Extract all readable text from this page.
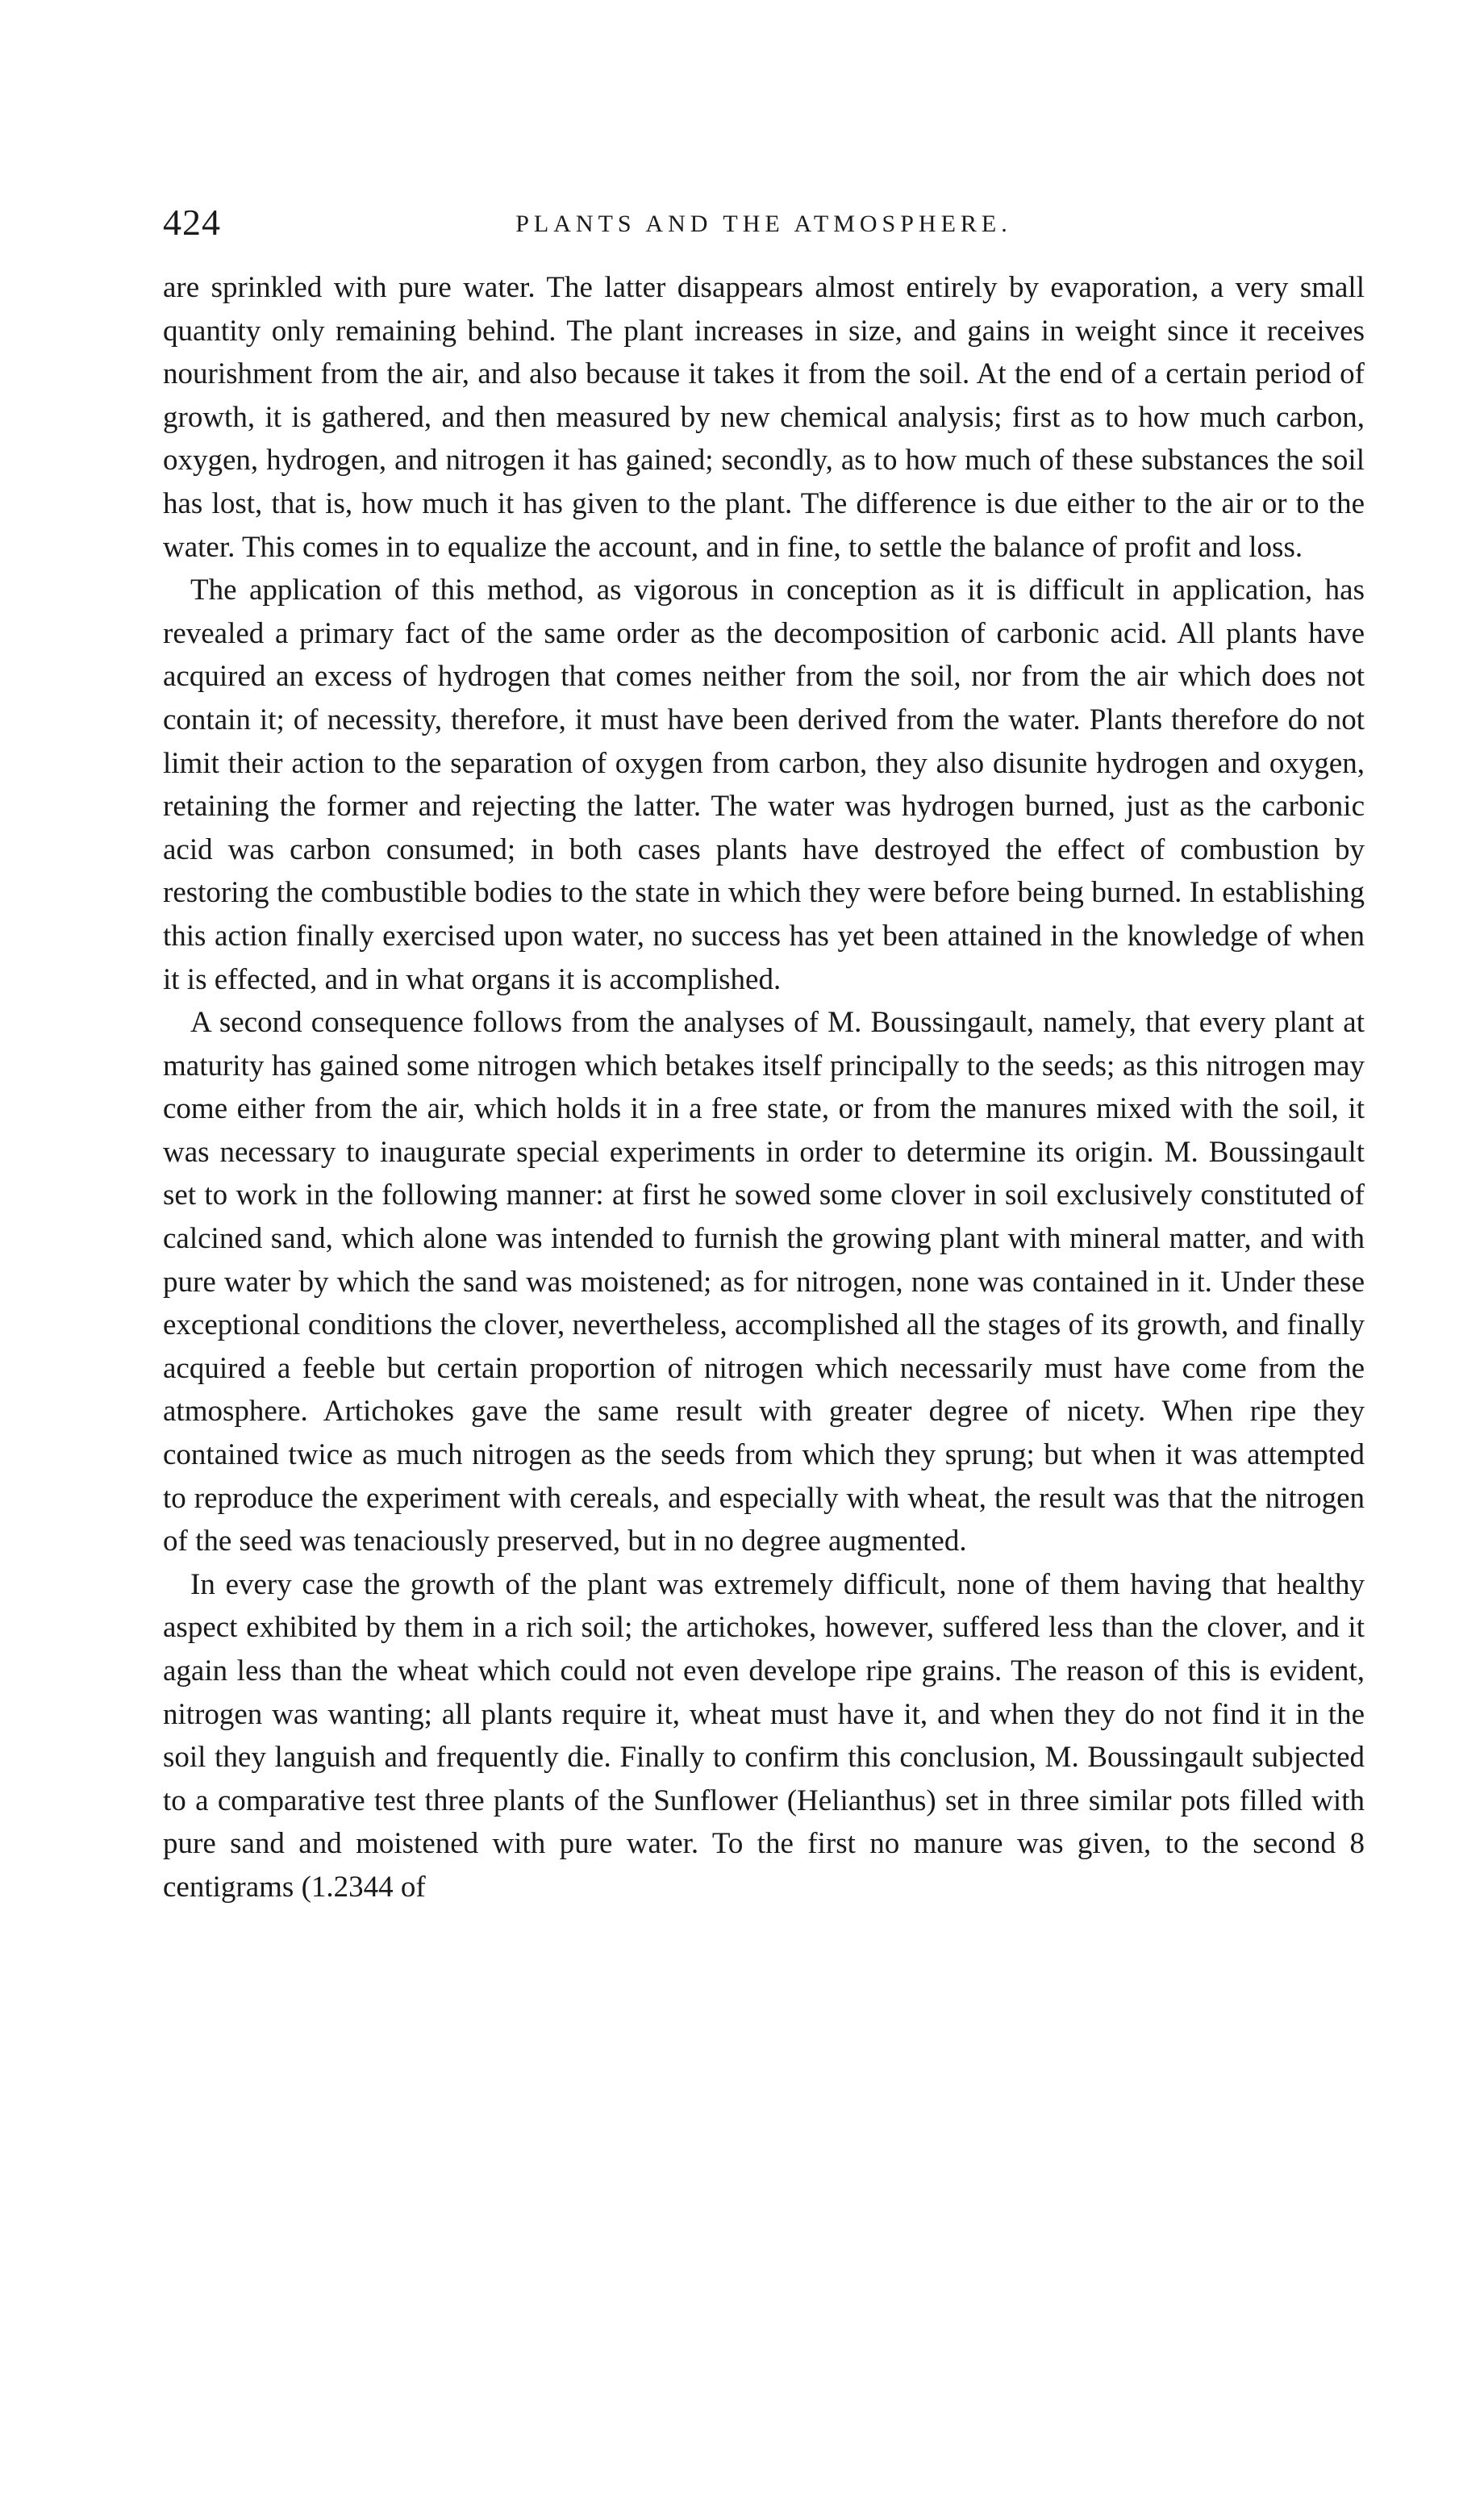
424	PLANTS AND THE ATMOSPHERE.

are sprinkled with pure water. The latter disappears almost entirely by evaporation, a very small quantity only remaining behind. The plant increases in size, and gains in weight since it receives nourishment from the air, and also because it takes it from the soil. At the end of a certain period of growth, it is gathered, and then measured by new chemical analysis; first as to how much carbon, oxygen, hydrogen, and nitrogen it has gained; secondly, as to how much of these substances the soil has lost, that is, how much it has given to the plant. The difference is due either to the air or to the water. This comes in to equalize the account, and in fine, to settle the balance of profit and loss.

The application of this method, as vigorous in conception as it is difficult in application, has revealed a primary fact of the same order as the decomposition of carbonic acid. All plants have acquired an excess of hydrogen that comes neither from the soil, nor from the air which does not contain it; of necessity, therefore, it must have been derived from the water. Plants therefore do not limit their action to the separation of oxygen from carbon, they also disunite hydrogen and oxygen, retaining the former and rejecting the latter. The water was hydrogen burned, just as the carbonic acid was carbon consumed; in both cases plants have destroyed the effect of combustion by restoring the combustible bodies to the state in which they were before being burned. In establishing this action finally exercised upon water, no success has yet been attained in the knowledge of when it is effected, and in what organs it is accomplished.

A second consequence follows from the analyses of M. Boussingault, namely, that every plant at maturity has gained some nitrogen which betakes itself principally to the seeds; as this nitrogen may come either from the air, which holds it in a free state, or from the manures mixed with the soil, it was necessary to inaugurate special experiments in order to determine its origin. M. Boussingault set to work in the following manner: at first he sowed some clover in soil exclusively constituted of calcined sand, which alone was intended to furnish the growing plant with mineral matter, and with pure water by which the sand was moistened; as for nitrogen, none was contained in it. Under these exceptional conditions the clover, nevertheless, accomplished all the stages of its growth, and finally acquired a feeble but certain proportion of nitrogen which necessarily must have come from the atmosphere. Artichokes gave the same result with greater degree of nicety. When ripe they contained twice as much nitrogen as the seeds from which they sprung; but when it was attempted to reproduce the experiment with cereals, and especially with wheat, the result was that the nitrogen of the seed was tenaciously preserved, but in no degree augmented.

In every case the growth of the plant was extremely difficult, none of them having that healthy aspect exhibited by them in a rich soil; the artichokes, however, suffered less than the clover, and it again less than the wheat which could not even develope ripe grains. The reason of this is evident, nitrogen was wanting; all plants require it, wheat must have it, and when they do not find it in the soil they languish and frequently die. Finally to confirm this conclusion, M. Boussingault subjected to a comparative test three plants of the Sunflower (Helianthus) set in three similar pots filled with pure sand and moistened with pure water. To the first no manure was given, to the second 8 centigrams (1.2344 of
